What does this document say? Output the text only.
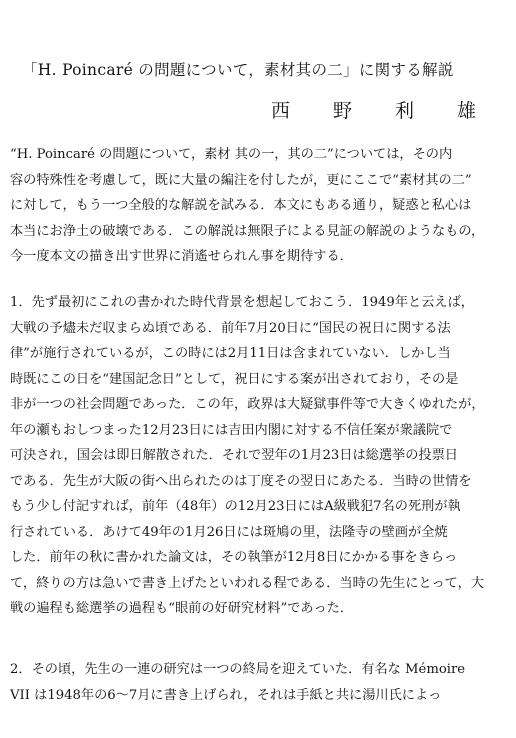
「H. Poincaré の問題について，素材其の二」に関する解説
西　野　利　雄
“H. Poincaré の問題について，素材 其の一，其の二”については，その内
容の特殊性を考慮して，既に大量の編注を付したが，更にここで“素材其の二”
に対して，もう一つ全般的な解説を試みる．本文にもある通り，疑惑と私心は
本当にお浄土の破壊である．この解説は無限子による見証の解説のようなもの，
今一度本文の描き出す世界に消遙せられん事を期待する．
1．先ず最初にこれの書かれた時代背景を想起しておこう．1949年と云えば，
大戦の予燼未だ収まらぬ頃である．前年7月20日に“国民の祝日に関する法
律”が施行されているが，この時には2月11日は含まれていない．しかし当
時既にこの日を“建国記念日”として，祝日にする案が出されており，その是
非が一つの社会問題であった．この年，政界は大疑獄事件等で大きくゆれたが，
年の瀬もおしつまった12月23日には吉田内閣に対する不信任案が衆議院で
可決され，国会は即日解散された．それで翌年の1月23日は総選挙の投票日
である．先生が大阪の街へ出られたのは丁度その翌日にあたる．当時の世情を
もう少し付記すれば，前年（48年）の12月23日にはA級戦犯7名の死刑が執
行されている．あけて49年の1月26日には斑鳩の里，法隆寺の壁画が全焼
した．前年の秋に書かれた論文は，その執筆が12月8日にかかる事をきらっ
て，終りの方は急いで書き上げたといわれる程である．当時の先生にとって，大
戦の遍程も総選挙の過程も“眼前の好研究材料”であった．
2．その頃，先生の一連の研究は一つの終局を迎えていた．有名な Mémoire
VII は1948年の6～7月に書き上げられ，それは手紙と共に湯川氏によっ
